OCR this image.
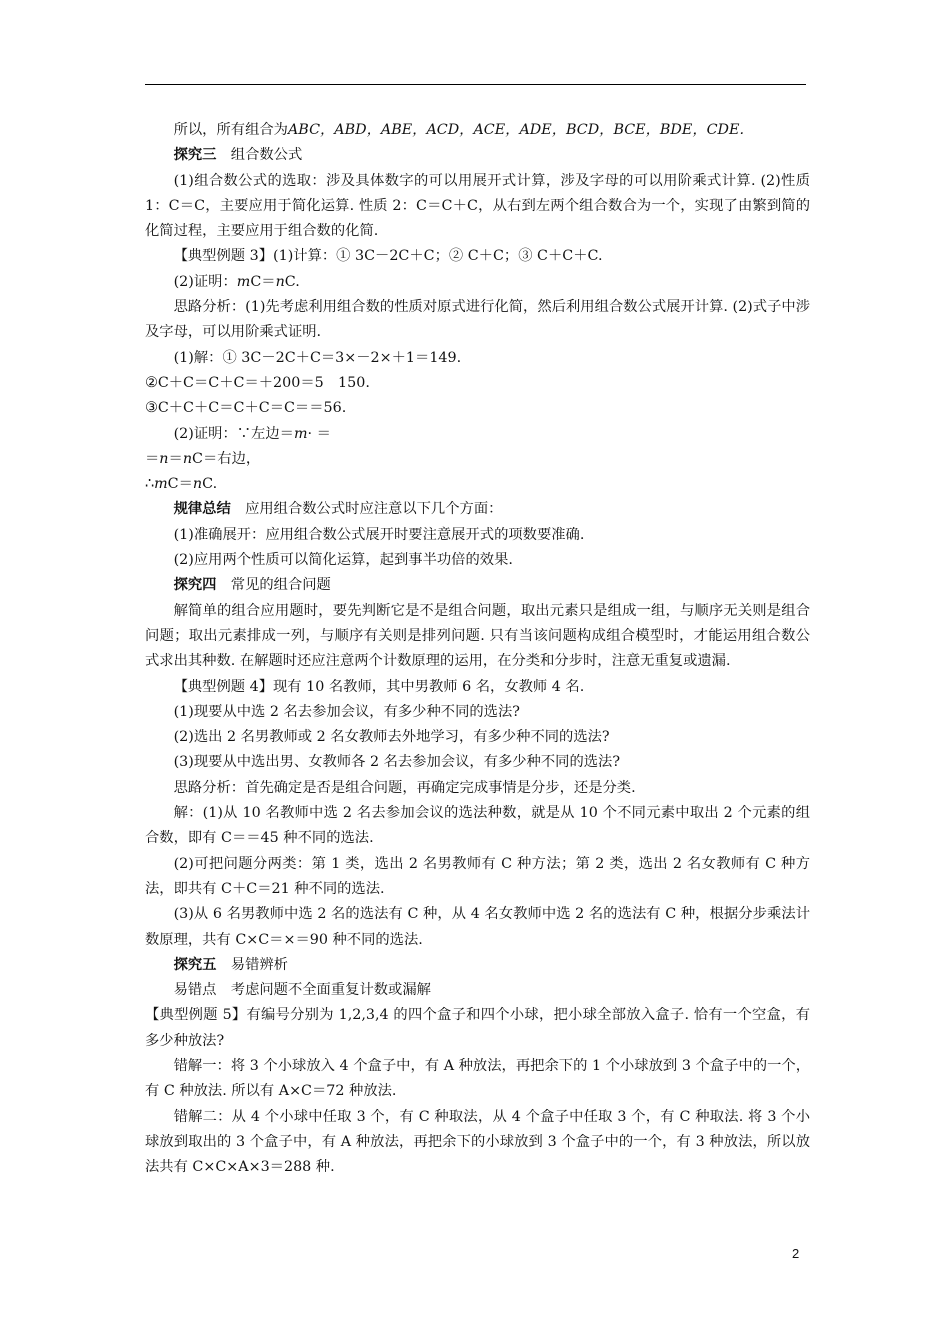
所以，所有组合为ABC，ABD，ABE，ACD，ACE，ADE，BCD，BCE，BDE，CDE.

探究三　组合数公式

(1)组合数公式的选取：涉及具体数字的可以用展开式计算，涉及字母的可以用阶乘式计算. (2)性质 1：C＝C，主要应用于简化运算. 性质 2：C＝C＋C，从右到左两个组合数合为一个，实现了由繁到简的化简过程，主要应用于组合数的化简.

【典型例题 3】(1)计算：① 3C－2C＋C；② C＋C；③ C＋C＋C.

(2)证明：mC＝nC.

思路分析：(1)先考虑利用组合数的性质对原式进行化简，然后利用组合数公式展开计算. (2)式子中涉及字母，可以用阶乘式证明.

(1)解：① 3C－2C＋C＝3×－2×＋1＝149.

②C＋C＝C＋C＝＋200＝5　150.

③C＋C＋C＝C＋C＝C＝＝56.

(2)证明：∵左边＝m· ＝

＝n＝nC＝右边，

∴mC＝nC.

规律总结　应用组合数公式时应注意以下几个方面：

(1)准确展开：应用组合数公式展开时要注意展开式的项数要准确.

(2)应用两个性质可以简化运算，起到事半功倍的效果.

探究四　常见的组合问题

解简单的组合应用题时，要先判断它是不是组合问题，取出元素只是组成一组，与顺序无关则是组合问题；取出元素排成一列，与顺序有关则是排列问题. 只有当该问题构成组合模型时，才能运用组合数公式求出其种数. 在解题时还应注意两个计数原理的运用，在分类和分步时，注意无重复或遗漏.

【典型例题 4】现有 10 名教师，其中男教师 6 名，女教师 4 名.

(1)现要从中选 2 名去参加会议，有多少种不同的选法?

(2)选出 2 名男教师或 2 名女教师去外地学习，有多少种不同的选法?

(3)现要从中选出男、女教师各 2 名去参加会议，有多少种不同的选法?

思路分析：首先确定是否是组合问题，再确定完成事情是分步，还是分类.

解：(1)从 10 名教师中选 2 名去参加会议的选法种数，就是从 10 个不同元素中取出 2 个元素的组合数，即有 C＝＝45 种不同的选法.

(2)可把问题分两类：第 1 类，选出 2 名男教师有 C 种方法；第 2 类，选出 2 名女教师有 C 种方法，即共有 C＋C＝21 种不同的选法.

(3)从 6 名男教师中选 2 名的选法有 C 种，从 4 名女教师中选 2 名的选法有 C 种，根据分步乘法计数原理，共有 C×C＝×＝90 种不同的选法.

探究五　易错辨析

易错点　考虑问题不全面重复计数或漏解

【典型例题 5】有编号分别为 1,2,3,4 的四个盒子和四个小球，把小球全部放入盒子. 恰有一个空盒，有多少种放法?

错解一：将 3 个小球放入 4 个盒子中，有 A 种放法，再把余下的 1 个小球放到 3 个盒子中的一个，有 C 种放法. 所以有 A×C＝72 种放法.

错解二：从 4 个小球中任取 3 个，有 C 种取法，从 4 个盒子中任取 3 个，有 C 种取法. 将 3 个小球放到取出的 3 个盒子中，有 A 种放法，再把余下的小球放到 3 个盒子中的一个，有 3 种放法，所以放法共有 C×C×A×3＝288 种.

2
